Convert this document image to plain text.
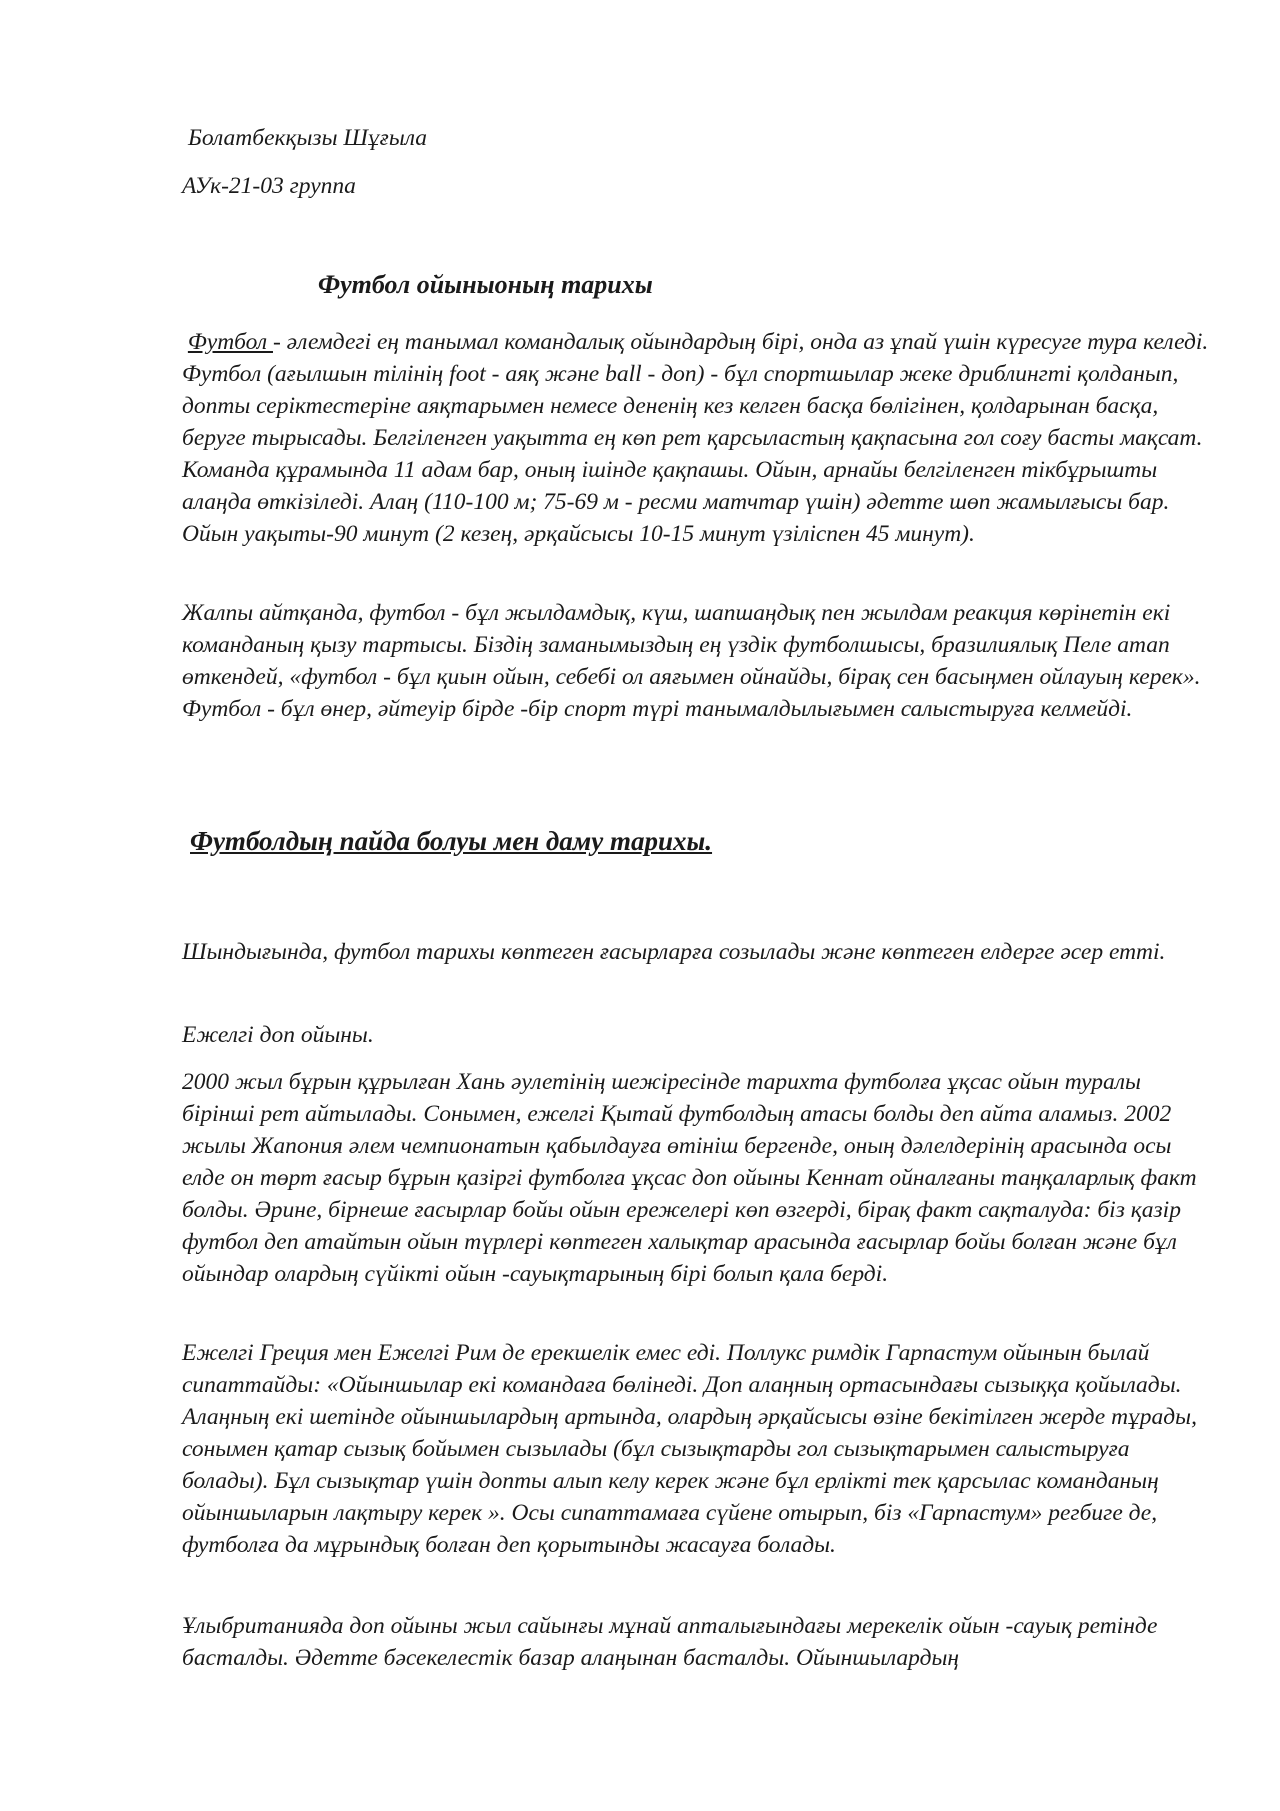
Болатбекқызы Шұғыла

АУк-21-03 группа

Футбол ойыныоның тарихы

Футбол - әлемдегі ең танымал командалық ойындардың бірі, онда аз ұпай үшін күресуге тура келеді. Футбол (ағылшын тілінің foot - аяқ және ball - доп) - бұл спортшылар жеке дриблингті қолданып, допты серіктестеріне аяқтарымен немесе дененің кез келген басқа бөлігінен, қолдарынан басқа, беруге тырысады. Белгіленген уақытта ең көп рет қарсыластың қақпасына гол соғу басты мақсат. Команда құрамында 11 адам бар, оның ішінде қақпашы. Ойын, арнайы белгіленген тікбұрышты алаңда өткізіледі. Алаң (110-100 м; 75-69 м - ресми матчтар үшін) әдетте шөп жамылғысы бар. Ойын уақыты-90 минут (2 кезең, әрқайсысы 10-15 минут үзіліспен 45 минут).

Жалпы айтқанда, футбол - бұл жылдамдық, күш, шапшаңдық пен жылдам реакция көрінетін екі команданың қызу тартысы. Біздің заманымыздың ең үздік футболшысы, бразилиялық Пеле атап өткендей, «футбол - бұл қиын ойын, себебі ол аяғымен ойнайды, бірақ сен басыңмен ойлауың керек». Футбол - бұл өнер, әйтеуір бірде -бір спорт түрі танымалдылығымен салыстыруға келмейді.

Футболдың пайда болуы мен даму тарихы.

Шындығында, футбол тарихы көптеген ғасырларға созылады және көптеген елдерге әсер етті.

Ежелгі доп ойыны.

2000 жыл бұрын құрылған Хань әулетінің шежіресінде тарихта футболға ұқсас ойын туралы бірінші рет айтылады. Сонымен, ежелгі Қытай футболдың атасы болды деп айта аламыз. 2002 жылы Жапония әлем чемпионатын қабылдауға өтініш бергенде, оның дәлелдерінің арасында осы елде он төрт ғасыр бұрын қазіргі футболға ұқсас доп ойыны Кеннат ойналғаны таңқаларлық факт болды. Әрине, бірнеше ғасырлар бойы ойын ережелері көп өзгерді, бірақ факт сақталуда: біз қазір футбол деп атайтын ойын түрлері көптеген халықтар арасында ғасырлар бойы болған және бұл ойындар олардың сүйікті ойын -сауықтарының бірі болып қала берді.

Ежелгі Греция мен Ежелгі Рим де ерекшелік емес еді. Поллукс римдік Гарпастум ойынын былай сипаттайды: «Ойыншылар екі командаға бөлінеді. Доп алаңның ортасындағы сызыққа қойылады. Алаңның екі шетінде ойыншылардың артында, олардың әрқайсысы өзіне бекітілген жерде тұрады, сонымен қатар сызық бойымен сызылады (бұл сызықтарды гол сызықтарымен салыстыруға болады). Бұл сызықтар үшін допты алып келу керек және бұл ерлікті тек қарсылас команданың ойыншыларын лақтыру керек ». Осы сипаттамаға сүйене отырып, біз «Гарпастум» регбиге де, футболға да мұрындық болған деп қорытынды жасауға болады.

Ұлыбританияда доп ойыны жыл сайынғы мұнай апталығындағы мерекелік ойын -сауық ретінде басталды. Әдетте бәсекелестік базар алаңынан басталды. Ойыншылардың
